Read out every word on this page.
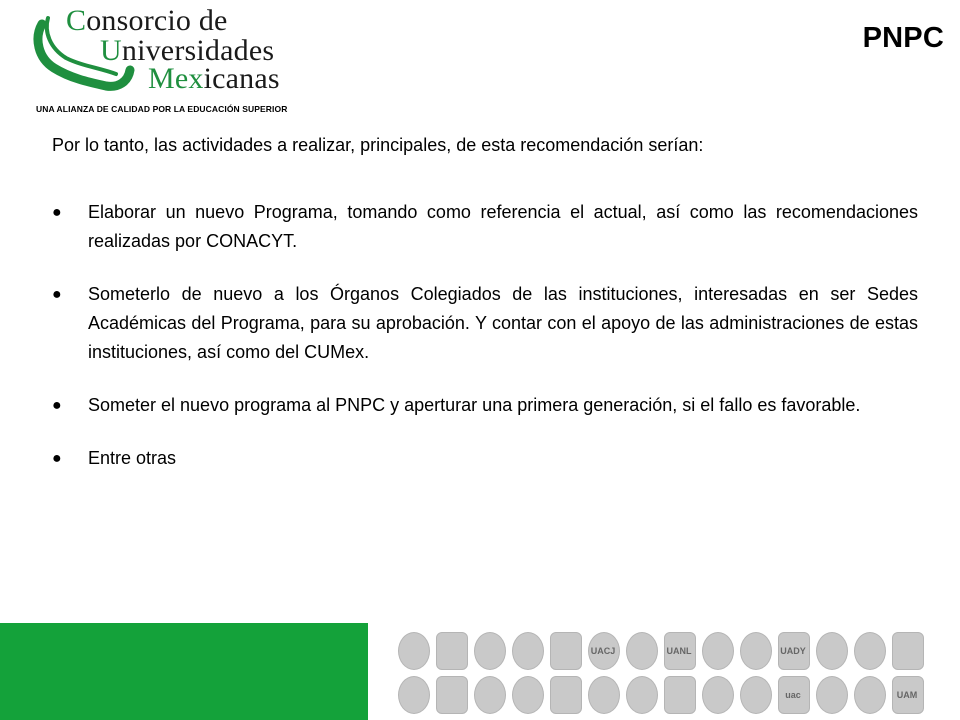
Consorcio de
Universidades
Mexicanas
UNA ALIANZA DE CALIDAD POR LA EDUCACIÓN SUPERIOR
PNPC
Por lo tanto, las actividades a realizar, principales, de esta recomendación serían:
● Elaborar un nuevo Programa, tomando como referencia el actual, así como las recomendaciones realizadas por CONACYT.
● Someterlo de nuevo a los Órganos Colegiados de las instituciones, interesadas en ser Sedes Académicas del Programa, para su aprobación. Y contar con el apoyo de las administraciones de estas instituciones, así como del CUMex.
● Someter el nuevo programa al PNPC y aperturar una primera generación, si el fallo es favorable.
● Entre otras
UACJ	UANL	UADY
uac	UAM
